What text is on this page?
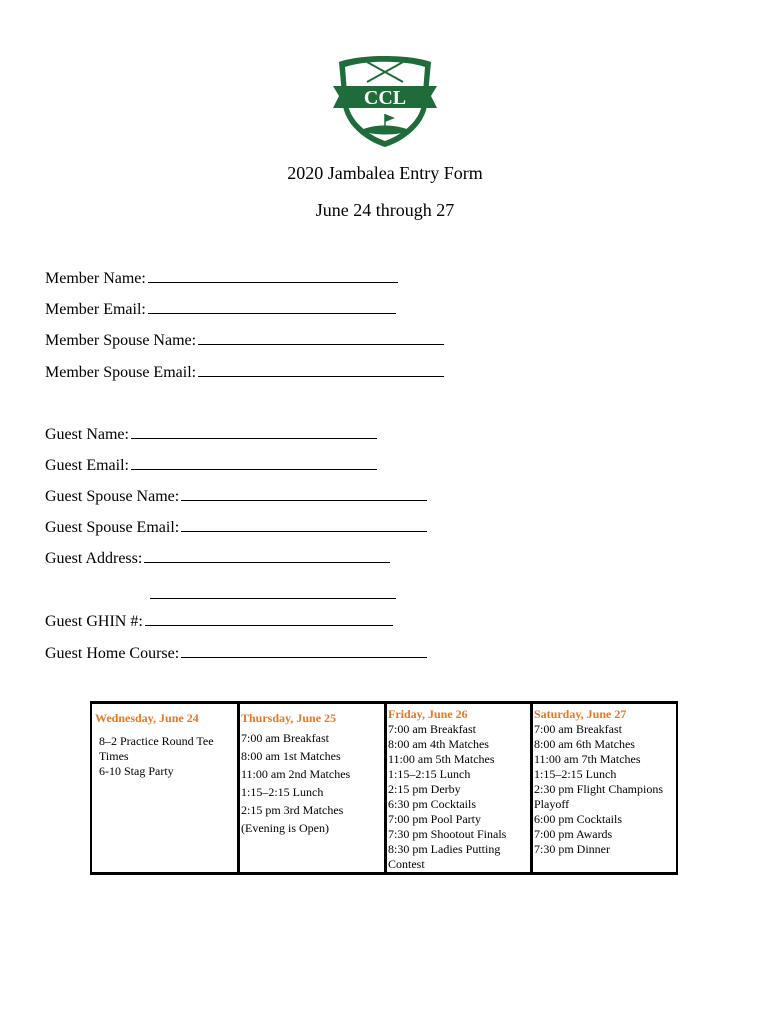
CCL
2020 Jambalea Entry Form
June 24 through 27
Member Name:
Member Email:
Member Spouse Name:
Member Spouse Email:
Guest Name:
Guest Email:
Guest Spouse Name:
Guest Spouse Email:
Guest Address:
Guest GHIN #:
Guest Home Course:
Wednesday, June 24
8–2 Practice Round Tee Times
6-10 Stag Party
Thursday, June 25
7:00 am Breakfast
8:00 am 1st Matches
11:00 am 2nd Matches
1:15–2:15 Lunch
2:15 pm 3rd Matches
(Evening is Open)
Friday, June 26
7:00 am Breakfast
8:00 am 4th Matches
11:00 am 5th Matches
1:15–2:15 Lunch
2:15 pm Derby
6:30 pm Cocktails
7:00 pm Pool Party
7:30 pm Shootout Finals
8:30 pm Ladies Putting Contest
Saturday, June 27
7:00 am Breakfast
8:00 am 6th Matches
11:00 am 7th Matches
1:15–2:15 Lunch
2:30 pm Flight Champions Playoff
6:00 pm Cocktails
7:00 pm Awards
7:30 pm Dinner
